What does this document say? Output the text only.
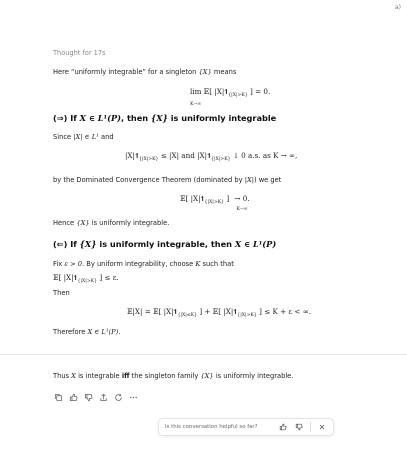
a)
Thought for 17s
Here “uniformly integrable” for a singleton {X} means
lim
$_{K\to\infty}$ 𝔼[ $|X|𝟏_{\{|X|>K\}}$ ] = 0.
(⇒) If X ∈ L¹(P), then {X} is uniformly integrable
Since |X| ∈ L¹ and
$|X|𝟏_{\{|X|>K\}} \le |X|$ and $|X|𝟏_{\{|X|>K\}}$ ↓ 0 a.s. as K → ∞,
by the Dominated Convergence Theorem (dominated by |X|) we get
𝔼[ $|X|𝟏_{\{|X|>K\}}$ ] → 0.
K→∞
Hence {X} is uniformly integrable.
(⇐) If {X} is uniformly integrable, then X ∈ L¹(P)
Fix ε > 0. By uniform integrability, choose K such that
𝔼[ $|X|𝟏_{\{|X|>K\}}$ ] ≤ ε.
Then
𝔼|X| = 𝔼[ $|X|𝟏_{\{|X|\le K\}}$ ] + 𝔼[ $|X|𝟏_{\{|X|>K\}}$ ] ≤ K + ε < ∞.
Therefore X ∈ L¹(P).
Thus X is integrable iff the singleton family {X} is uniformly integrable.
Is this conversation helpful so far?
